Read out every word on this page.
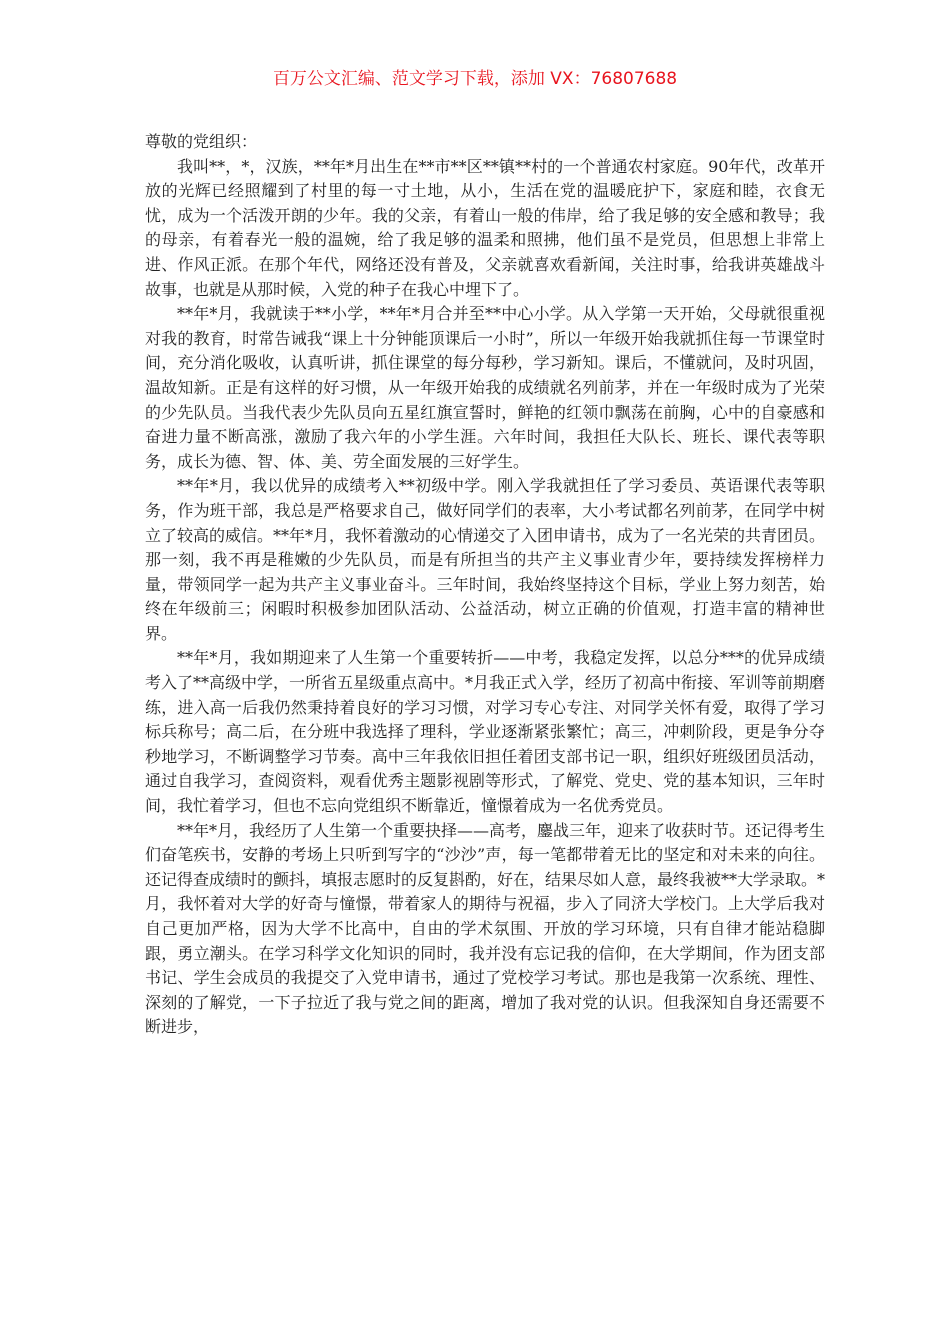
百万公文汇编、范文学习下载，添加 VX：76807688

尊敬的党组织：

我叫**，*，汉族，**年*月出生在**市**区**镇**村的一个普通农村家庭。90年代，改革开放的光辉已经照耀到了村里的每一寸土地，从小，生活在党的温暖庇护下，家庭和睦，衣食无忧，成为一个活泼开朗的少年。我的父亲，有着山一般的伟岸，给了我足够的安全感和教导；我的母亲，有着春光一般的温婉，给了我足够的温柔和照拂，他们虽不是党员，但思想上非常上进、作风正派。在那个年代，网络还没有普及，父亲就喜欢看新闻，关注时事，给我讲英雄战斗故事，也就是从那时候，入党的种子在我心中埋下了。

**年*月，我就读于**小学，**年*月合并至**中心小学。从入学第一天开始，父母就很重视对我的教育，时常告诫我“课上十分钟能顶课后一小时”，所以一年级开始我就抓住每一节课堂时间，充分消化吸收，认真听讲，抓住课堂的每分每秒，学习新知。课后，不懂就问，及时巩固，温故知新。正是有这样的好习惯，从一年级开始我的成绩就名列前茅，并在一年级时成为了光荣的少先队员。当我代表少先队员向五星红旗宣誓时，鲜艳的红领巾飘荡在前胸，心中的自豪感和奋进力量不断高涨，激励了我六年的小学生涯。六年时间，我担任大队长、班长、课代表等职务，成长为德、智、体、美、劳全面发展的三好学生。

**年*月，我以优异的成绩考入**初级中学。刚入学我就担任了学习委员、英语课代表等职务，作为班干部，我总是严格要求自己，做好同学们的表率，大小考试都名列前茅，在同学中树立了较高的威信。**年*月，我怀着激动的心情递交了入团申请书，成为了一名光荣的共青团员。那一刻，我不再是稚嫩的少先队员，而是有所担当的共产主义事业青少年，要持续发挥榜样力量，带领同学一起为共产主义事业奋斗。三年时间，我始终坚持这个目标，学业上努力刻苦，始终在年级前三；闲暇时积极参加团队活动、公益活动，树立正确的价值观，打造丰富的精神世界。

**年*月，我如期迎来了人生第一个重要转折——中考，我稳定发挥，以总分***的优异成绩考入了**高级中学，一所省五星级重点高中。*月我正式入学，经历了初高中衔接、军训等前期磨练，进入高一后我仍然秉持着良好的学习习惯，对学习专心专注、对同学关怀有爱，取得了学习标兵称号；高二后，在分班中我选择了理科，学业逐渐紧张繁忙；高三，冲刺阶段，更是争分夺秒地学习，不断调整学习节奏。高中三年我依旧担任着团支部书记一职，组织好班级团员活动，通过自我学习，查阅资料，观看优秀主题影视剧等形式，了解党、党史、党的基本知识，三年时间，我忙着学习，但也不忘向党组织不断靠近，憧憬着成为一名优秀党员。

**年*月，我经历了人生第一个重要抉择——高考，鏖战三年，迎来了收获时节。还记得考生们奋笔疾书，安静的考场上只听到写字的“沙沙”声，每一笔都带着无比的坚定和对未来的向往。还记得查成绩时的颤抖，填报志愿时的反复斟酌，好在，结果尽如人意，最终我被**大学录取。*月，我怀着对大学的好奇与憧憬，带着家人的期待与祝福，步入了同济大学校门。上大学后我对自己更加严格，因为大学不比高中，自由的学术氛围、开放的学习环境，只有自律才能站稳脚跟，勇立潮头。在学习科学文化知识的同时，我并没有忘记我的信仰，在大学期间，作为团支部书记、学生会成员的我提交了入党申请书，通过了党校学习考试。那也是我第一次系统、理性、深刻的了解党，一下子拉近了我与党之间的距离，增加了我对党的认识。但我深知自身还需要不断进步，
